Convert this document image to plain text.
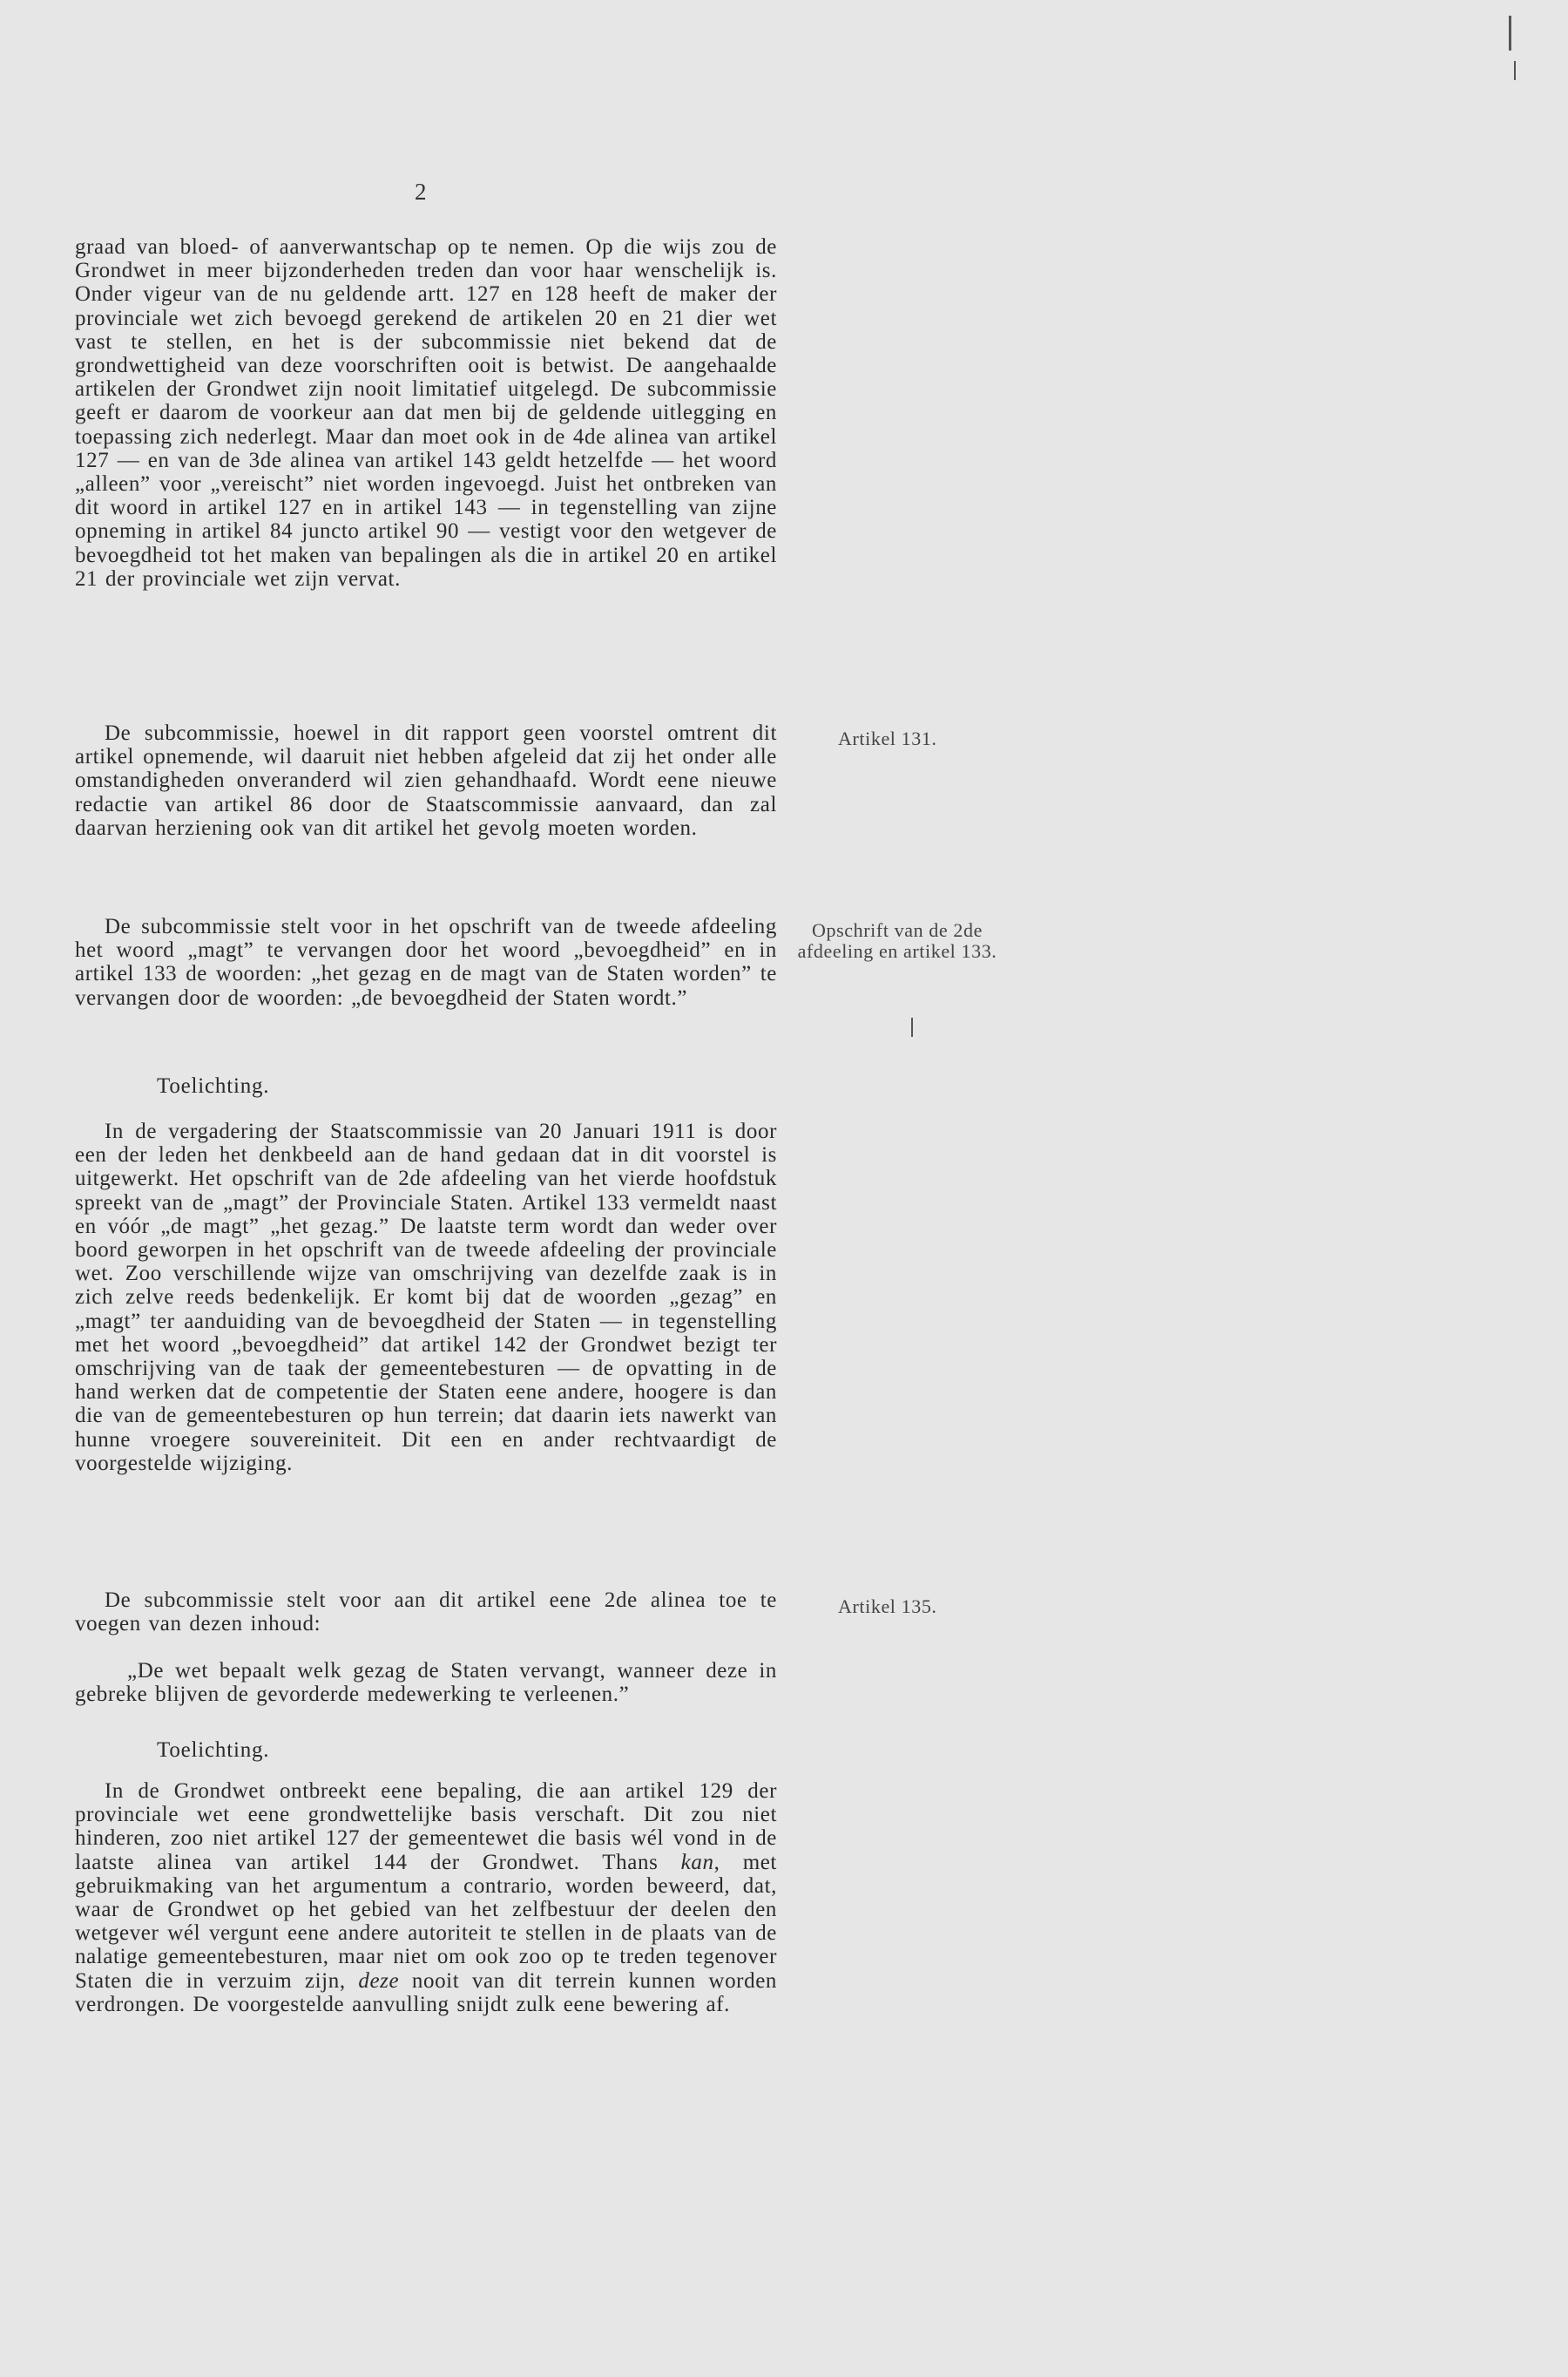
2

graad van bloed- of aanverwantschap op te nemen. Op die wijs zou de Grondwet in meer bijzonderheden treden dan voor haar wenschelijk is. Onder vigeur van de nu geldende artt. 127 en 128 heeft de maker der provinciale wet zich bevoegd gerekend de artikelen 20 en 21 dier wet vast te stellen, en het is der subcommissie niet bekend dat de grondwettigheid van deze voorschriften ooit is betwist. De aangehaalde artikelen der Grondwet zijn nooit limitatief uitgelegd. De subcommissie geeft er daarom de voorkeur aan dat men bij de geldende uitlegging en toepassing zich nederlegt. Maar dan moet ook in de 4de alinea van artikel 127 — en van de 3de alinea van artikel 143 geldt hetzelfde — het woord „alleen” voor „vereischt” niet worden ingevoegd. Juist het ontbreken van dit woord in artikel 127 en in artikel 143 — in tegenstelling van zijne opneming in artikel 84 juncto artikel 90 — vestigt voor den wetgever de bevoegdheid tot het maken van bepalingen als die in artikel 20 en artikel 21 der provinciale wet zijn vervat.

De subcommissie, hoewel in dit rapport geen voorstel omtrent dit artikel opnemende, wil daaruit niet hebben afgeleid dat zij het onder alle omstandigheden onveranderd wil zien gehandhaafd. Wordt eene nieuwe redactie van artikel 86 door de Staatscommissie aanvaard, dan zal daarvan herziening ook van dit artikel het gevolg moeten worden.

Artikel 131.

De subcommissie stelt voor in het opschrift van de tweede afdeeling het woord „magt” te vervangen door het woord „bevoegdheid” en in artikel 133 de woorden: „het gezag en de magt van de Staten worden” te vervangen door de woorden: „de bevoegdheid der Staten wordt.”

Opschrift van de 2de
afdeeling en artikel 133.
Toelichting.

In de vergadering der Staatscommissie van 20 Januari 1911 is door een der leden het denkbeeld aan de hand gedaan dat in dit voorstel is uitgewerkt. Het opschrift van de 2de afdeeling van het vierde hoofdstuk spreekt van de „magt” der Provinciale Staten. Artikel 133 vermeldt naast en vóór „de magt” „het gezag.” De laatste term wordt dan weder over boord geworpen in het opschrift van de tweede afdeeling der provinciale wet. Zoo verschillende wijze van omschrijving van dezelfde zaak is in zich zelve reeds bedenkelijk. Er komt bij dat de woorden „gezag” en „magt” ter aanduiding van de bevoegdheid der Staten — in tegenstelling met het woord „bevoegdheid” dat artikel 142 der Grondwet bezigt ter omschrijving van de taak der gemeentebesturen — de opvatting in de hand werken dat de competentie der Staten eene andere, hoogere is dan die van de gemeentebesturen op hun terrein; dat daarin iets nawerkt van hunne vroegere souvereiniteit. Dit een en ander rechtvaardigt de voorgestelde wijziging.

De subcommissie stelt voor aan dit artikel eene 2de alinea toe te voegen van dezen inhoud:

Artikel 135.

„De wet bepaalt welk gezag de Staten vervangt, wanneer deze in gebreke blijven de gevorderde medewerking te verleenen.”

Toelichting.

In de Grondwet ontbreekt eene bepaling, die aan artikel 129 der provinciale wet eene grondwettelijke basis verschaft. Dit zou niet hinderen, zoo niet artikel 127 der gemeentewet die basis wél vond in de laatste alinea van artikel 144 der Grondwet. Thans kan, met gebruikmaking van het argumentum a contrario, worden beweerd, dat, waar de Grondwet op het gebied van het zelfbestuur der deelen den wetgever wél vergunt eene andere autoriteit te stellen in de plaats van de nalatige gemeentebesturen, maar niet om ook zoo op te treden tegenover Staten die in verzuim zijn, deze nooit van dit terrein kunnen worden verdrongen. De voorgestelde aanvulling snijdt zulk eene bewering af.
